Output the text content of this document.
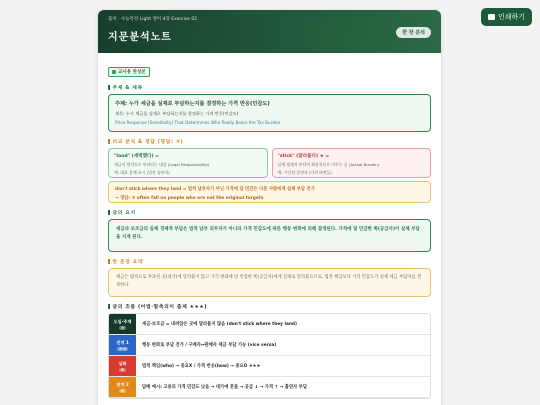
인쇄하기
출처 · 수능특강 Light 영어 4강 Exercise 02
지문분석노트	한 장 분석
교사용 완성본
주제 & 제목
주제: 누가 세금을 실제로 부담하는지를 결정하는 가격 반응(민감도)
제목: 누가 세금을 실제로 부담하는지를 결정하는 가격 반응(민감도)
Price Response (Sensitivity) That Determines Who Really Bears the Tax Burden
비교 분석 & 정답 (명답: ③)
"land" (세력했다) =
세금이 법적으로 부과되는 대상 (Legal Responsibility)
예: 대표 상에 표시 (법적 납부자)
"stick" (달라붙다) ★ =
실제 경제적 부담이 최종적으로 머무는 곳 (Actual Burden)
예: 가난한 중변자 (가격 바변들)
don't stick where they land = 법적 납부자가 아닌 가격에 담 민감은 다른 사람에게 실제 부담 전가
→ 정답: ③ often fall on people who are not the original targets
글의 요지
세금과 보조금의 실제 경제적 부담은 법적 납부 의무자가 아니라 가격 민감도에 따른 행동 변화에 의해 결정된다. 가격에 덜 민감한 쪽(공급자)이 실제 부담을 지게 된다.
한 문장 요약
세금은 법적으로 부과된 곳(대가)에 달라붙지 않고 가격 변화에 덜 민감한 쪽(공급자)에게 실제로 달라붙으므로, 법적 책임보다 가격 민감도가 실제 세금 부담자를 결정한다.
글의 흐름 (어법·함축의미 출제 ★★★)
도입·주제
①
세금·보조금 = 내려앉은 곳에 달라붙지 않음 (don't stick where they land)
전개 1
②-③
행동 변화로 부담 전가 / 구매자↔판매자 세금 부담 가능 (vice versa)
심화
④
법적 책임(who) → 중요X / 가격 반응(how) → 중요O ★★★
전개 2
⑤
담배 예시: 고용의 가격 민감도 낮음 → 대가에 흔들 → 공급 ↓ → 가격 ↑ → 흡연자 부담
